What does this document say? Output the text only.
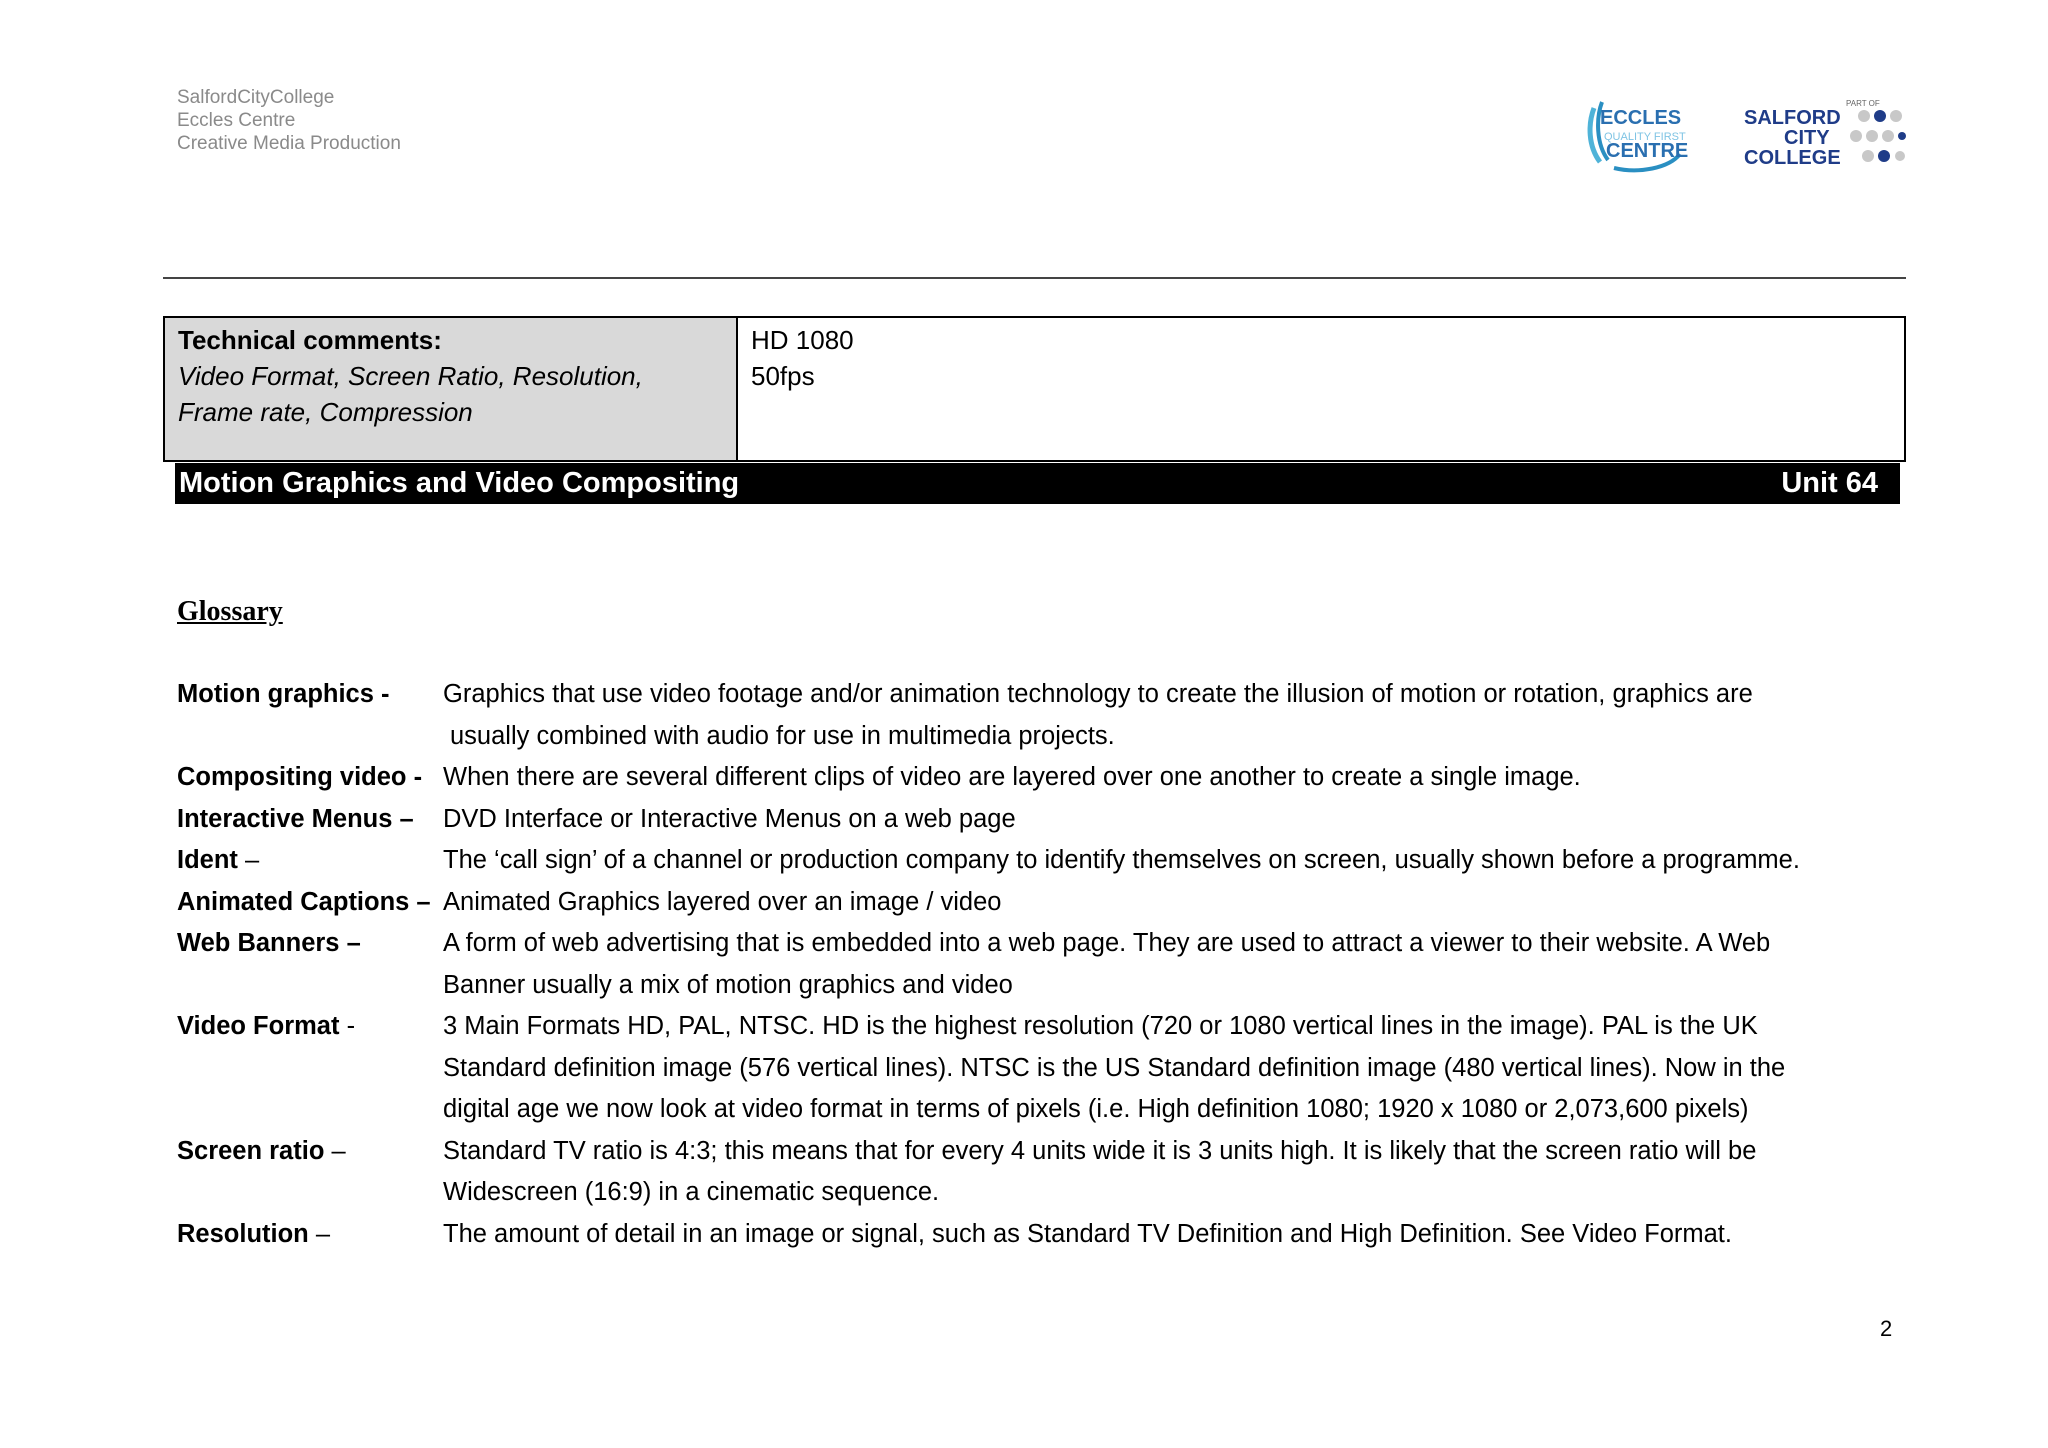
SalfordCityCollege
Eccles Centre
Creative Media Production
ECCLES
QUALITY FIRST
CENTRE
PART OF
SALFORD
CITY
COLLEGE
Technical comments:
Video Format, Screen Ratio, Resolution,
Frame rate, Compression
HD 1080
50fps
Motion Graphics and Video Compositing	Unit 64
Glossary
Motion graphics -	Graphics that use video footage and/or animation technology to create the illusion of motion or rotation, graphics are
usually combined with audio for use in multimedia projects.
Compositing video - When there are several different clips of video are layered over one another to create a single image.
Interactive Menus –	DVD Interface or Interactive Menus on a web page
Ident –	The ‘call sign’ of a channel or production company to identify themselves on screen, usually shown before a programme.
Animated Captions – Animated Graphics layered over an image / video
Web Banners –	A form of web advertising that is embedded into a web page. They are used to attract a viewer to their website. A Web
Banner usually a mix of motion graphics and video
Video Format -	3 Main Formats HD, PAL, NTSC. HD is the highest resolution (720 or 1080 vertical lines in the image). PAL is the UK
Standard definition image (576 vertical lines). NTSC is the US Standard definition image (480 vertical lines). Now in the
digital age we now look at video format in terms of pixels (i.e. High definition 1080; 1920 x 1080 or 2,073,600 pixels)
Screen ratio –	Standard TV ratio is 4:3; this means that for every 4 units wide it is 3 units high. It is likely that the screen ratio will be
Widescreen (16:9) in a cinematic sequence.
Resolution –	The amount of detail in an image or signal, such as Standard TV Definition and High Definition. See Video Format.
2
